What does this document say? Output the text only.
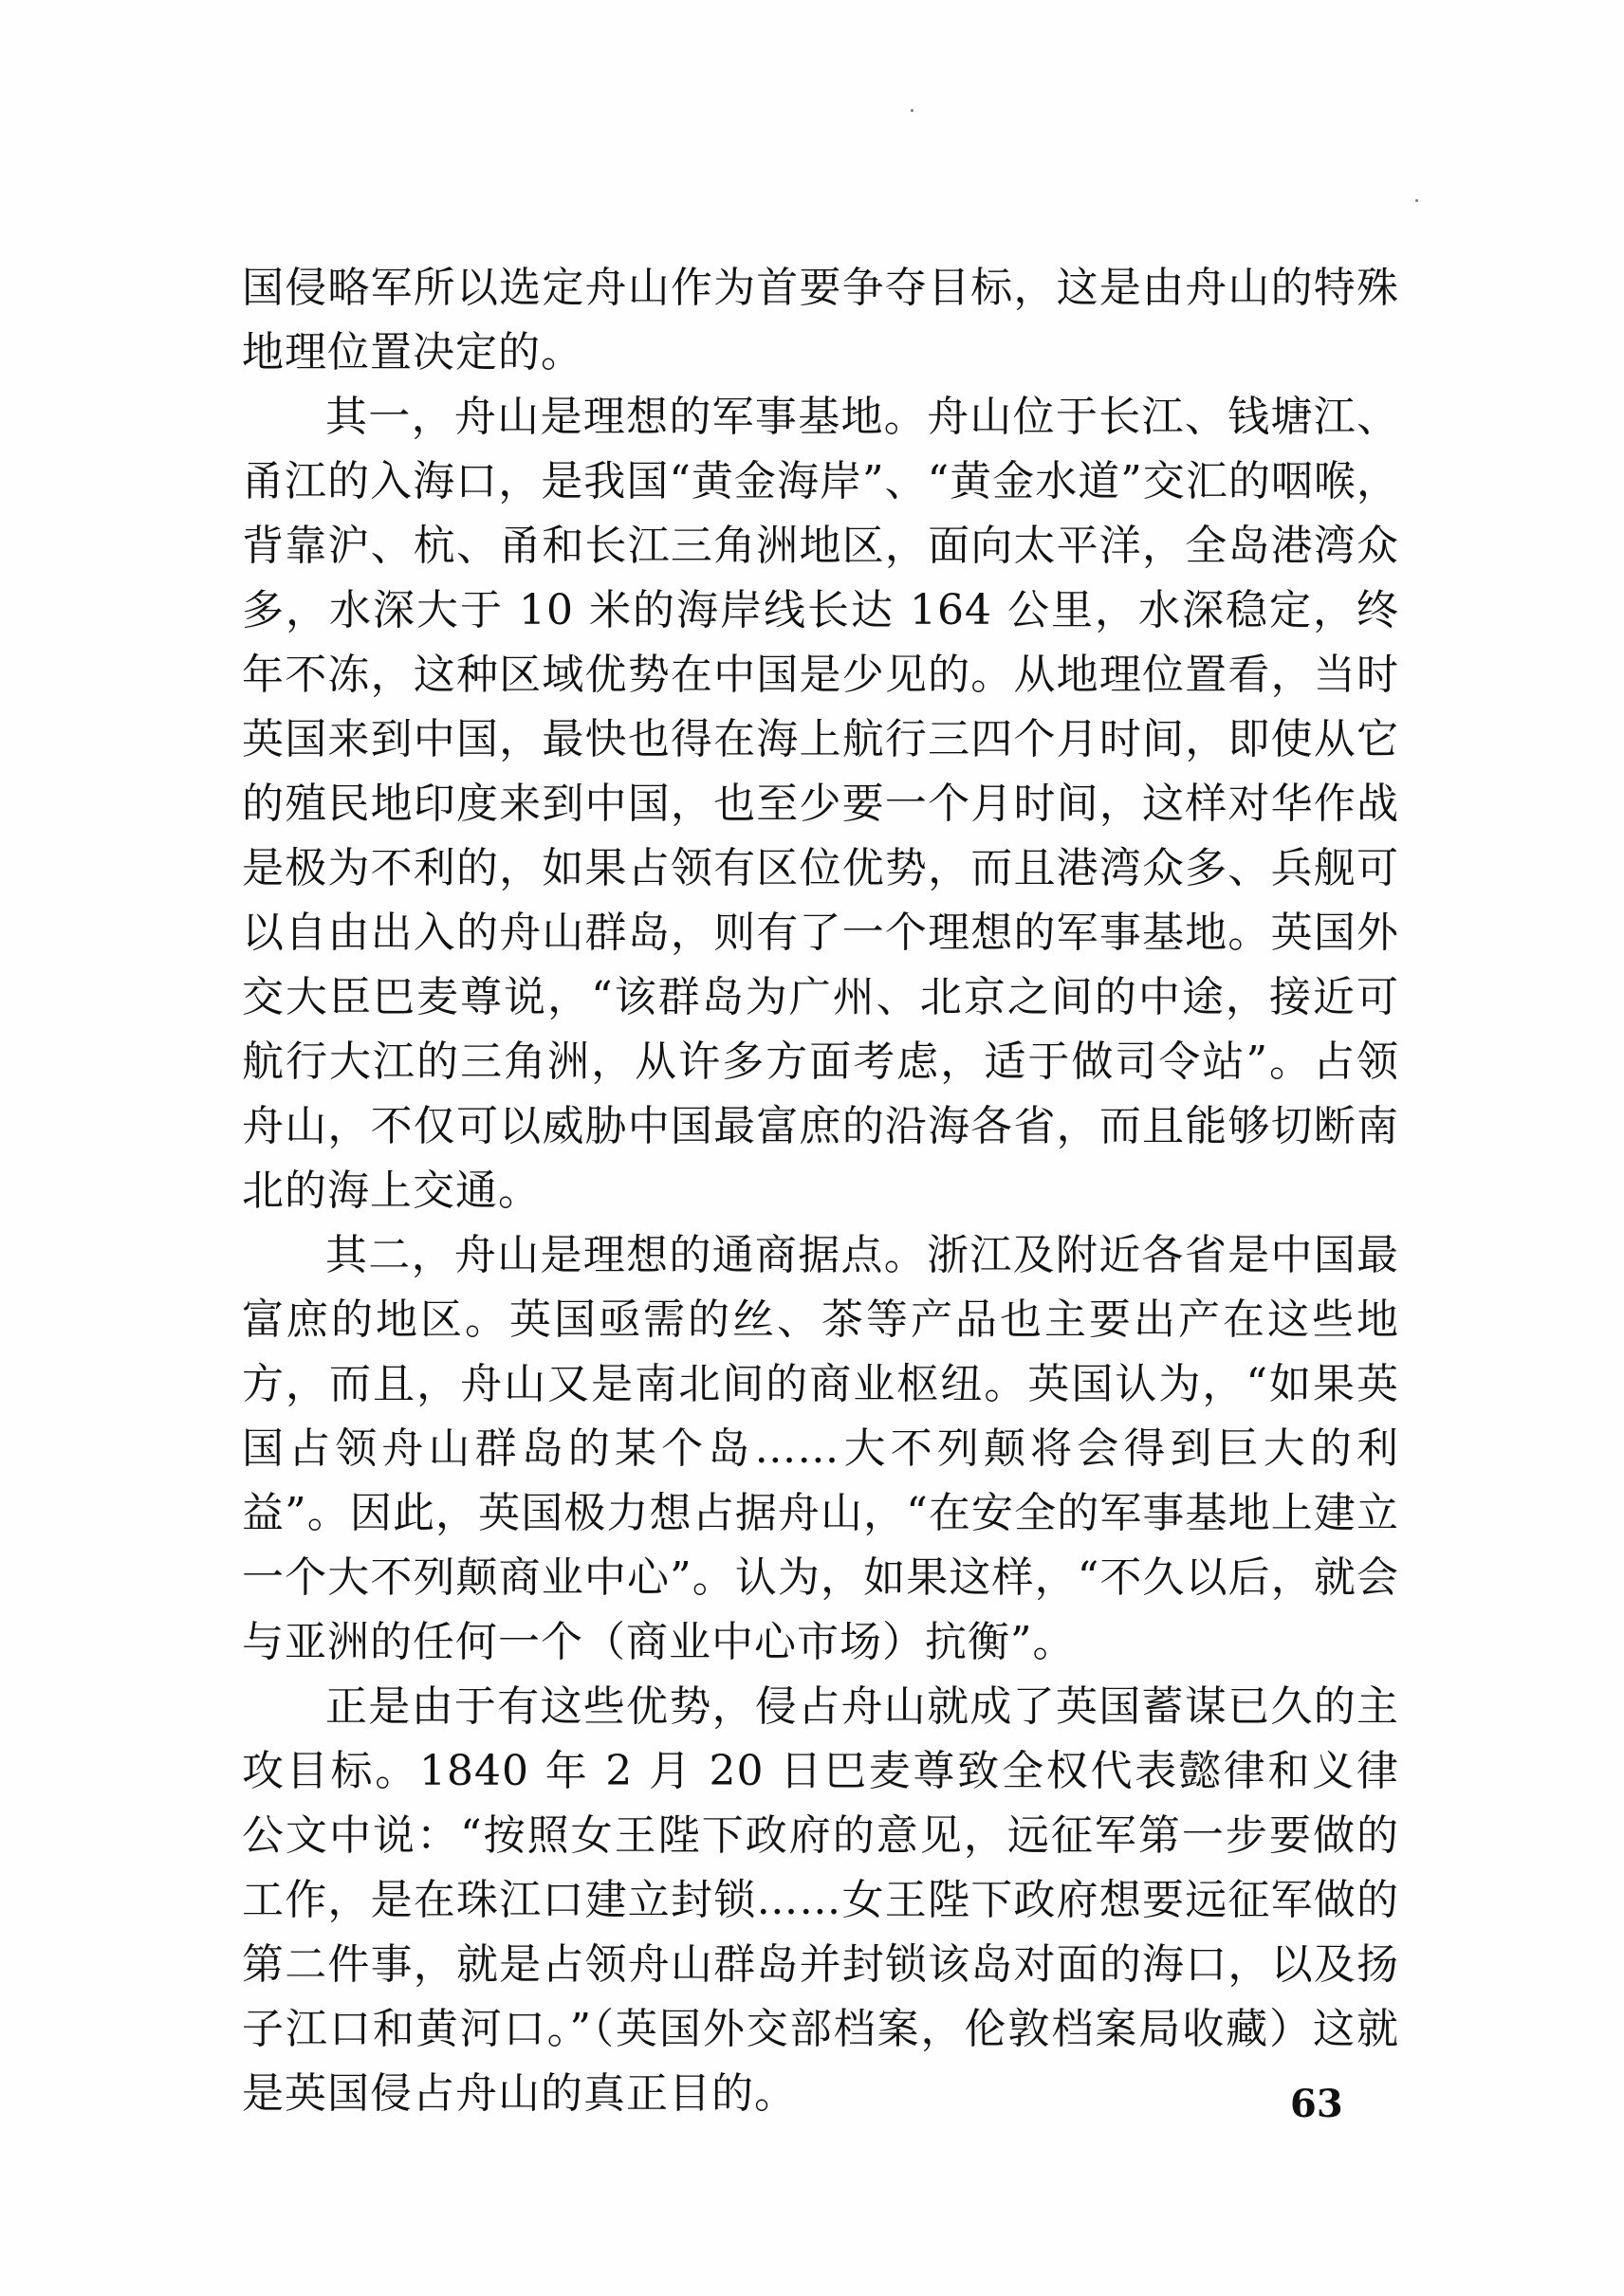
国侵略军所以选定舟山作为首要争夺目标，这是由舟山的特殊地理位置决定的。

其一，舟山是理想的军事基地。舟山位于长江、钱塘江、甬江的入海口，是我国“黄金海岸”、“黄金水道”交汇的咽喉，背靠沪、杭、甬和长江三角洲地区，面向太平洋，全岛港湾众多，水深大于 10 米的海岸线长达 164 公里，水深稳定，终年不冻，这种区域优势在中国是少见的。从地理位置看，当时英国来到中国，最快也得在海上航行三四个月时间，即使从它的殖民地印度来到中国，也至少要一个月时间，这样对华作战是极为不利的，如果占领有区位优势，而且港湾众多、兵舰可以自由出入的舟山群岛，则有了一个理想的军事基地。英国外交大臣巴麦尊说，“该群岛为广州、北京之间的中途，接近可航行大江的三角洲，从许多方面考虑，适于做司令站”。占领舟山，不仅可以威胁中国最富庶的沿海各省，而且能够切断南北的海上交通。

其二，舟山是理想的通商据点。浙江及附近各省是中国最富庶的地区。英国亟需的丝、茶等产品也主要出产在这些地方，而且，舟山又是南北间的商业枢纽。英国认为，“如果英国占领舟山群岛的某个岛……大不列颠将会得到巨大的利益”。因此，英国极力想占据舟山，“在安全的军事基地上建立一个大不列颠商业中心”。认为，如果这样，“不久以后，就会与亚洲的任何一个（商业中心市场）抗衡”。

正是由于有这些优势，侵占舟山就成了英国蓄谋已久的主攻目标。1840 年 2 月 20 日巴麦尊致全权代表懿律和义律公文中说：“按照女王陛下政府的意见，远征军第一步要做的工作，是在珠江口建立封锁……女王陛下政府想要远征军做的第二件事，就是占领舟山群岛并封锁该岛对面的海口，以及扬子江口和黄河口。”（英国外交部档案，伦敦档案局收藏）这就是英国侵占舟山的真正目的。	63
